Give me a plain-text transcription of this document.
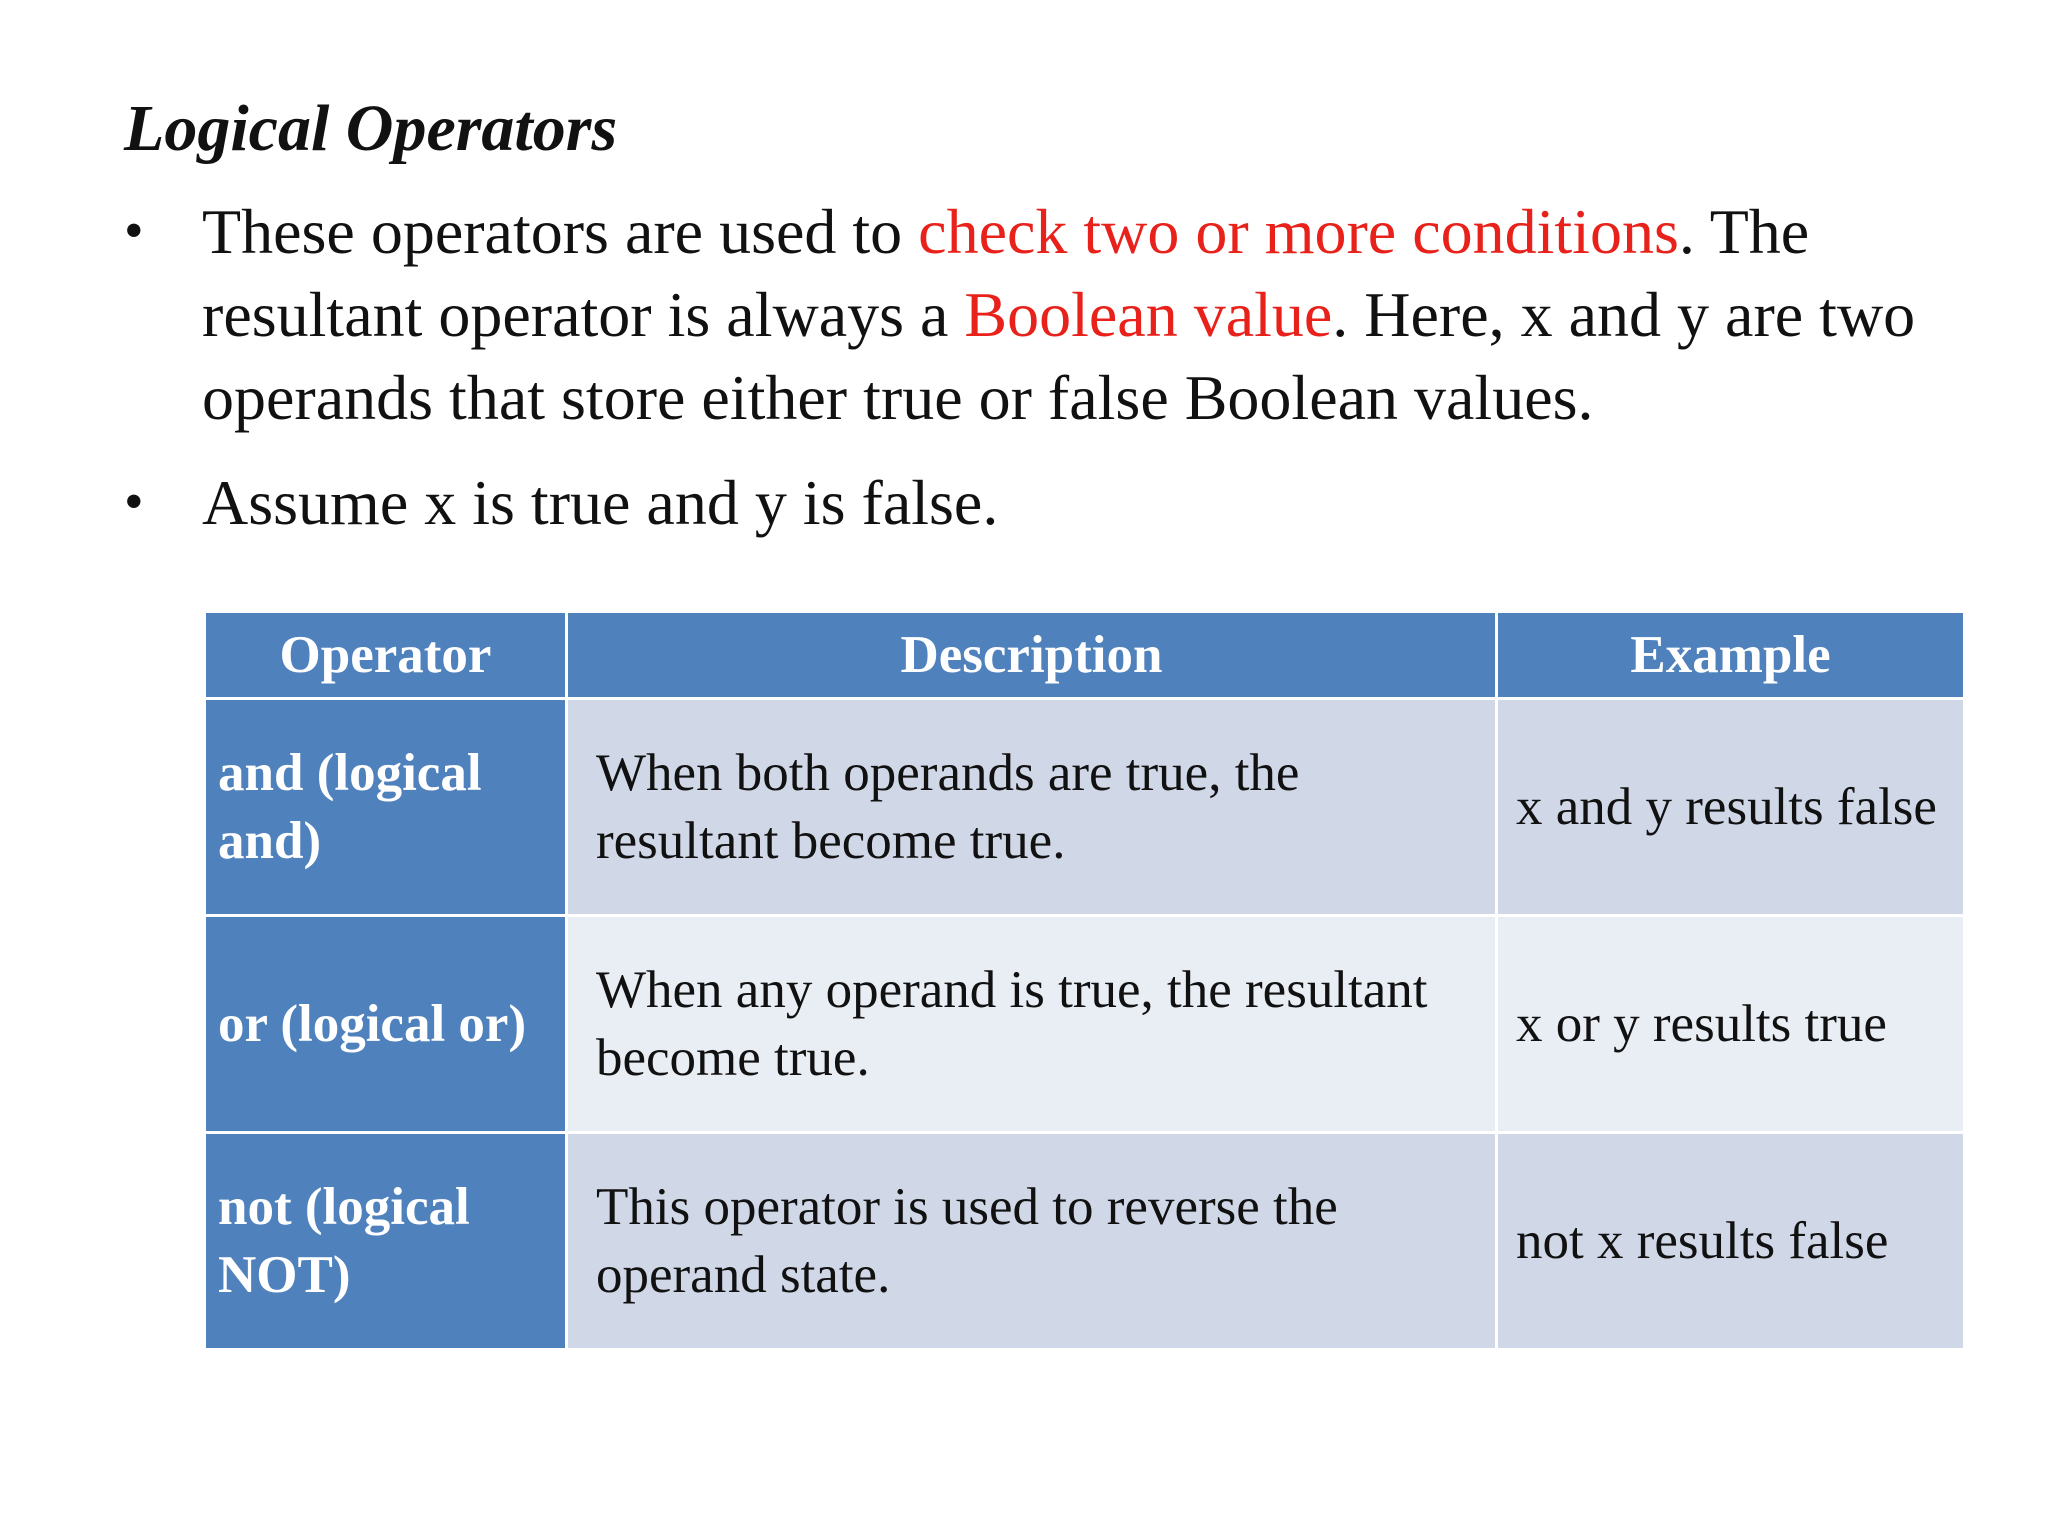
Logical Operators
• These operators are used to check two or more conditions. The resultant operator is always a Boolean value. Here, x and y are two operands that store either true or false Boolean values.
• Assume x is true and y is false.
Operator	Description	Example
and (logical and)	When both operands are true, the resultant become true.	x and y results false
or (logical or)	When any operand is true, the resultant become true.	x or y results true
not (logical NOT)	This operator is used to reverse the operand state.	not x results false
